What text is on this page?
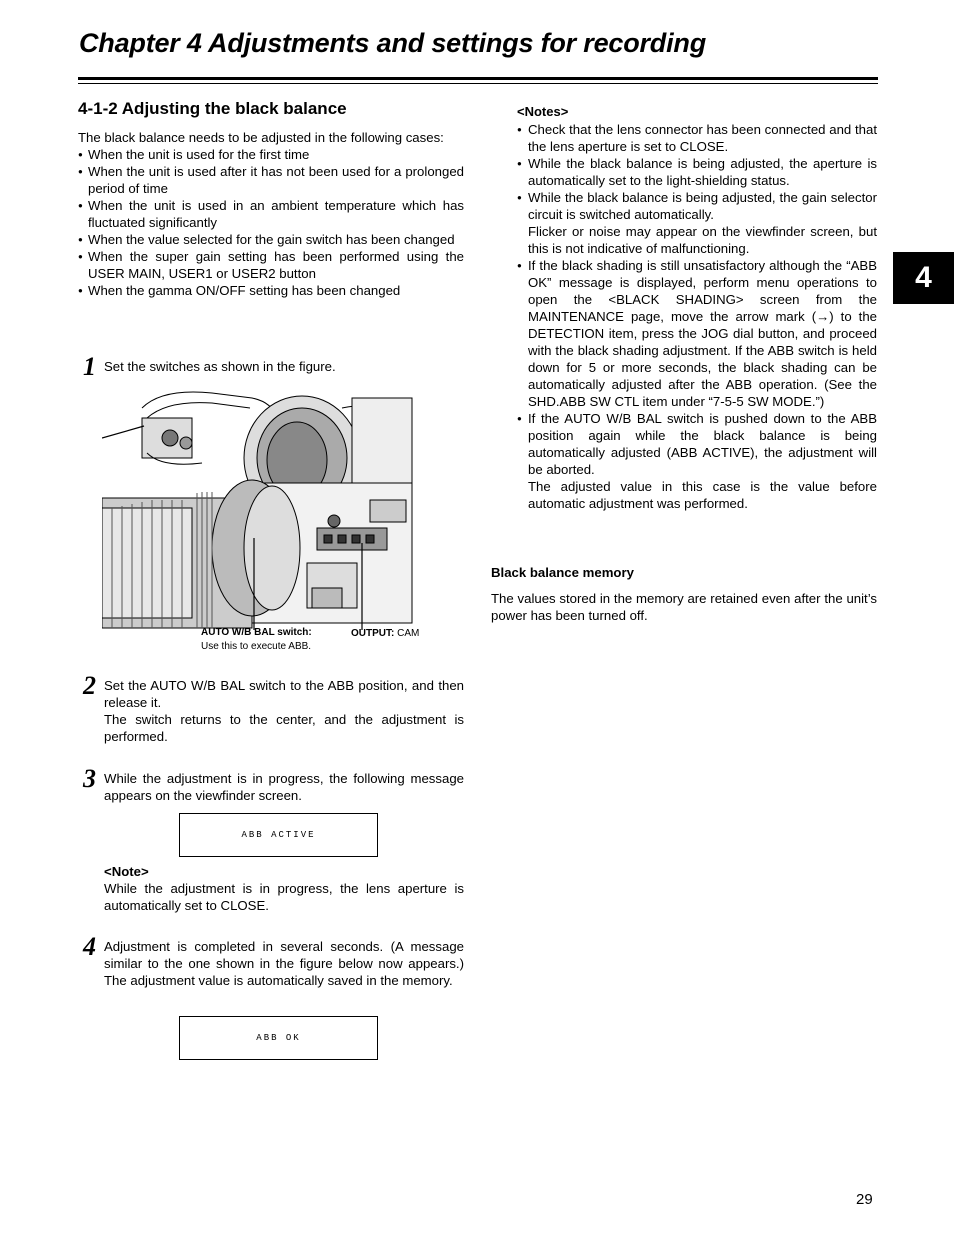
Chapter 4 Adjustments and settings for recording
4
4-1-2 Adjusting the black balance

The black balance needs to be adjusted in the following cases:

● When the unit is used for the first time
● When the unit is used after it has not been used for a prolonged period of time
● When the unit is used in an ambient temperature which has fluctuated significantly
● When the value selected for the gain switch has been changed
● When the super gain setting has been performed using the USER MAIN, USER1 or USER2 button
● When the gamma ON/OFF setting has been changed
1 Set the switches as shown in the figure.

AUTO W/B BAL switch:
Use this to execute ABB.
OUTPUT: CAM
2 Set the AUTO W/B BAL switch to the ABB position, and then release it.

The switch returns to the center, and the adjustment is performed.

3 While the adjustment is in progress, the following message appears on the viewfinder screen.

ABB ACTIVE

<Note>

While the adjustment is in progress, the lens aperture is automatically set to CLOSE.

4 Adjustment is completed in several seconds. (A message similar to the one shown in the figure below now appears.) The adjustment value is automatically saved in the memory.

ABB OK
<Notes>
● Check that the lens connector has been connected and that the lens aperture is set to CLOSE.
● While the black balance is being adjusted, the aperture is automatically set to the light-shielding status.
● While the black balance is being adjusted, the gain selector circuit is switched automatically.
Flicker or noise may appear on the viewfinder screen, but this is not indicative of malfunctioning.
● If the black shading is still unsatisfactory although the “ABB OK” message is displayed, perform menu operations to open the <BLACK SHADING> screen from the MAINTENANCE page, move the arrow mark (→) to the DETECTION item, press the JOG dial button, and proceed with the black shading adjustment. If the ABB switch is held down for 5 or more seconds, the black shading can be automatically adjusted after the ABB operation. (See the SHD.ABB SW CTL item under “7-5-5 SW MODE.”)
● If the AUTO W/B BAL switch is pushed down to the ABB position again while the black balance is being automatically adjusted (ABB ACTIVE), the adjustment will be aborted.
The adjusted value in this case is the value before automatic adjustment was performed.
Black balance memory

The values stored in the memory are retained even after the unit’s power has been turned off.

29
